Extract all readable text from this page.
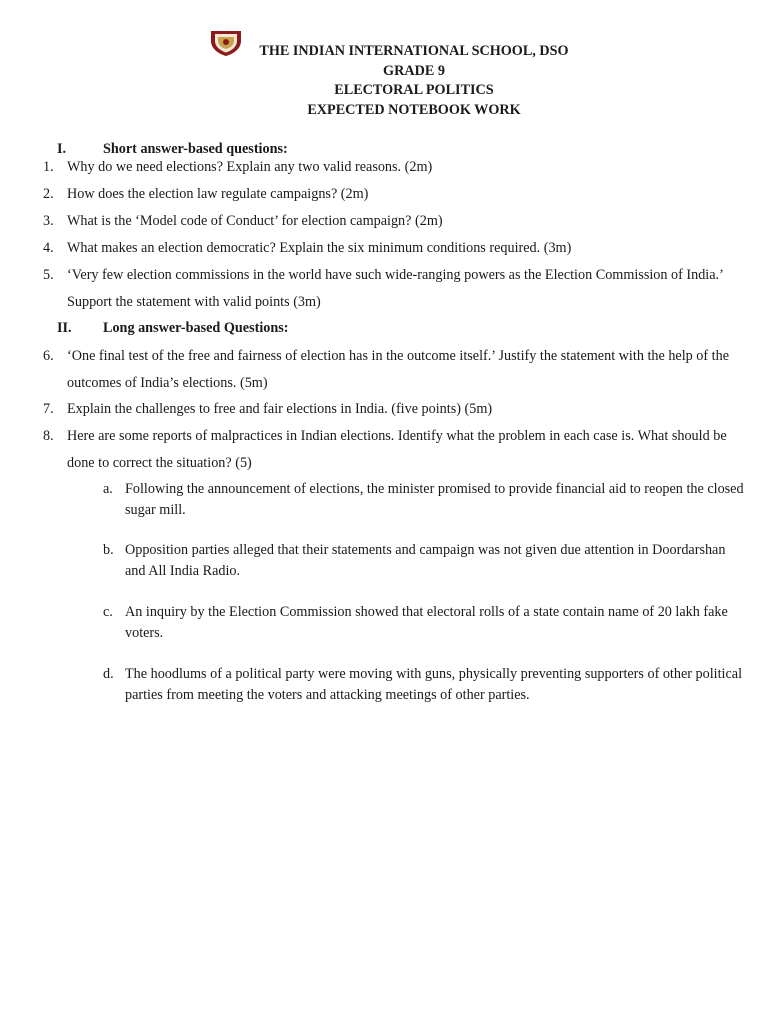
THE INDIAN INTERNATIONAL SCHOOL, DSO
GRADE 9
ELECTORAL POLITICS
EXPECTED NOTEBOOK WORK
I.	Short answer-based questions:
1. Why do we need elections? Explain any two valid reasons. (2m)
2. How does the election law regulate campaigns? (2m)
3. What is the ‘Model code of Conduct’ for election campaign? (2m)
4. What makes an election democratic? Explain the six minimum conditions required. (3m)
5. ‘Very few election commissions in the world have such wide-ranging powers as the Election Commission of India.’ Support the statement with valid points (3m)
II. Long answer-based Questions:
6. ‘One final test of the free and fairness of election has in the outcome itself.’ Justify the statement with the help of the outcomes of India’s elections. (5m)
7. Explain the challenges to free and fair elections in India. (five points) (5m)
8. Here are some reports of malpractices in Indian elections. Identify what the problem in each case is. What should be done to correct the situation? (5)
a. Following the announcement of elections, the minister promised to provide financial aid to reopen the closed sugar mill.
b. Opposition parties alleged that their statements and campaign was not given due attention in Doordarshan and All India Radio.
c. An inquiry by the Election Commission showed that electoral rolls of a state contain name of 20 lakh fake voters.
d. The hoodlums of a political party were moving with guns, physically preventing supporters of other political parties from meeting the voters and attacking meetings of other parties.
